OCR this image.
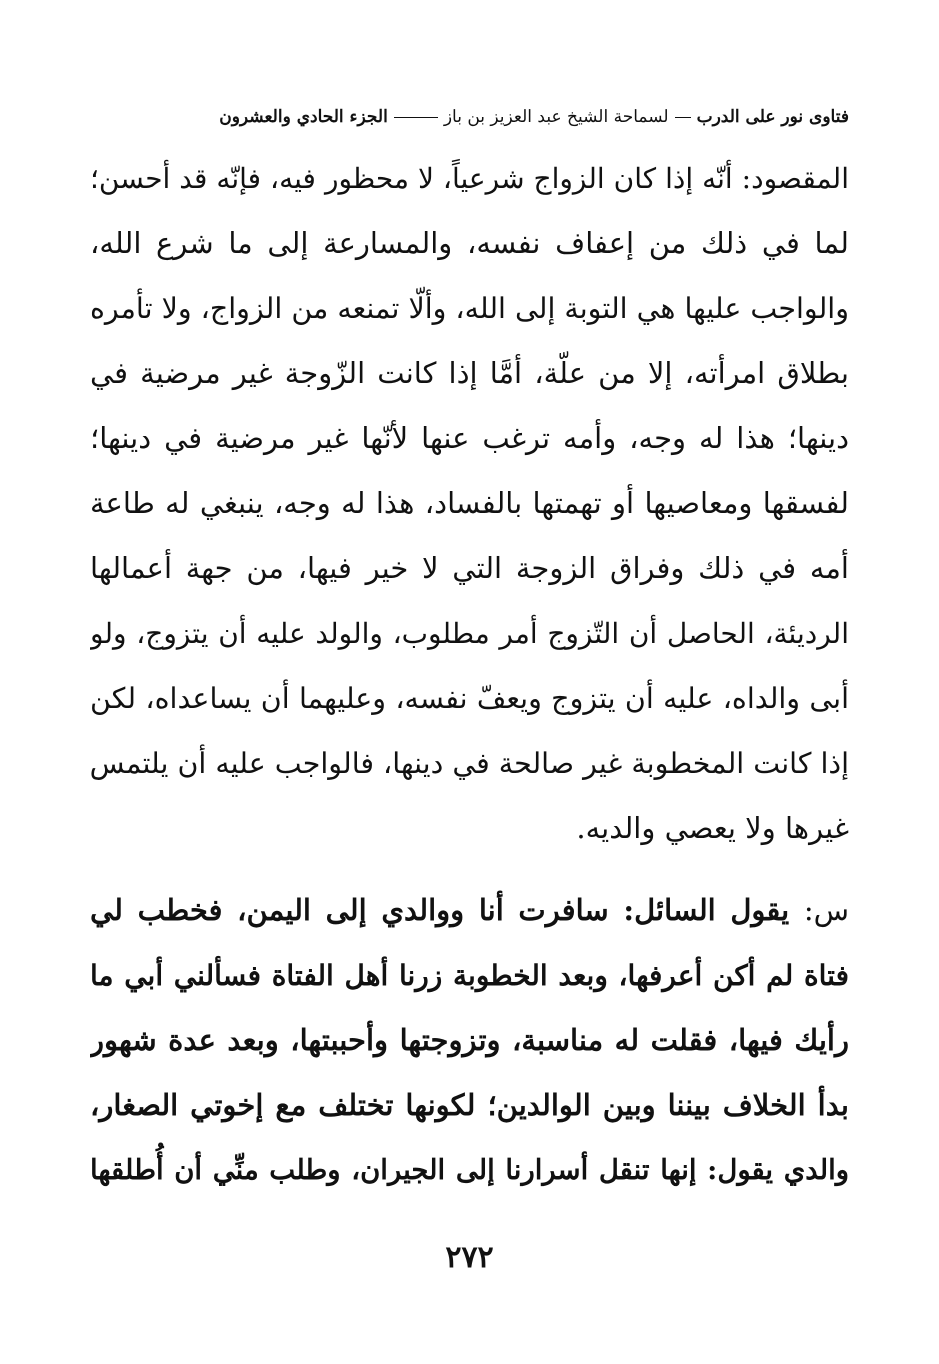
فتاوى نور على الدربلسماحة الشيخ عبد العزيز بن بازالجزء الحادي والعشرون
المقصود: أنّه إذا كان الزواج شرعياً، لا محظور فيه، فإنّه قد أحسن؛
لما في ذلك من إعفاف نفسه، والمسارعة إلى ما شرع الله،
والواجب عليها هي التوبة إلى الله، وألّا تمنعه من الزواج، ولا تأمره
بطلاق امرأته، إلا من علّة، أمَّا إذا كانت الزّوجة غير مرضية في
دينها؛ هذا له وجه، وأمه ترغب عنها لأنّها غير مرضية في دينها؛
لفسقها ومعاصيها أو تهمتها بالفساد، هذا له وجه، ينبغي له طاعة
أمه في ذلك وفراق الزوجة التي لا خير فيها، من جهة أعمالها
الرديئة، الحاصل أن التّزوج أمر مطلوب، والولد عليه أن يتزوج، ولو
أبى والداه، عليه أن يتزوج ويعفّ نفسه، وعليهما أن يساعداه، لكن
إذا كانت المخطوبة غير صالحة في دينها، فالواجب عليه أن يلتمس
غيرها ولا يعصي والديه.
س: يقول السائل: سافرت أنا ووالدي إلى اليمن، فخطب لي
فتاة لم أكن أعرفها، وبعد الخطوبة زرنا أهل الفتاة فسألني أبي ما
رأيك فيها، فقلت له مناسبة، وتزوجتها وأحببتها، وبعد عدة شهور
بدأ الخلاف بيننا وبين الوالدين؛ لكونها تختلف مع إخوتي الصغار،
والدي يقول: إنها تنقل أسرارنا إلى الجيران، وطلب منِّي أن أُطلقها
٢٧٢
